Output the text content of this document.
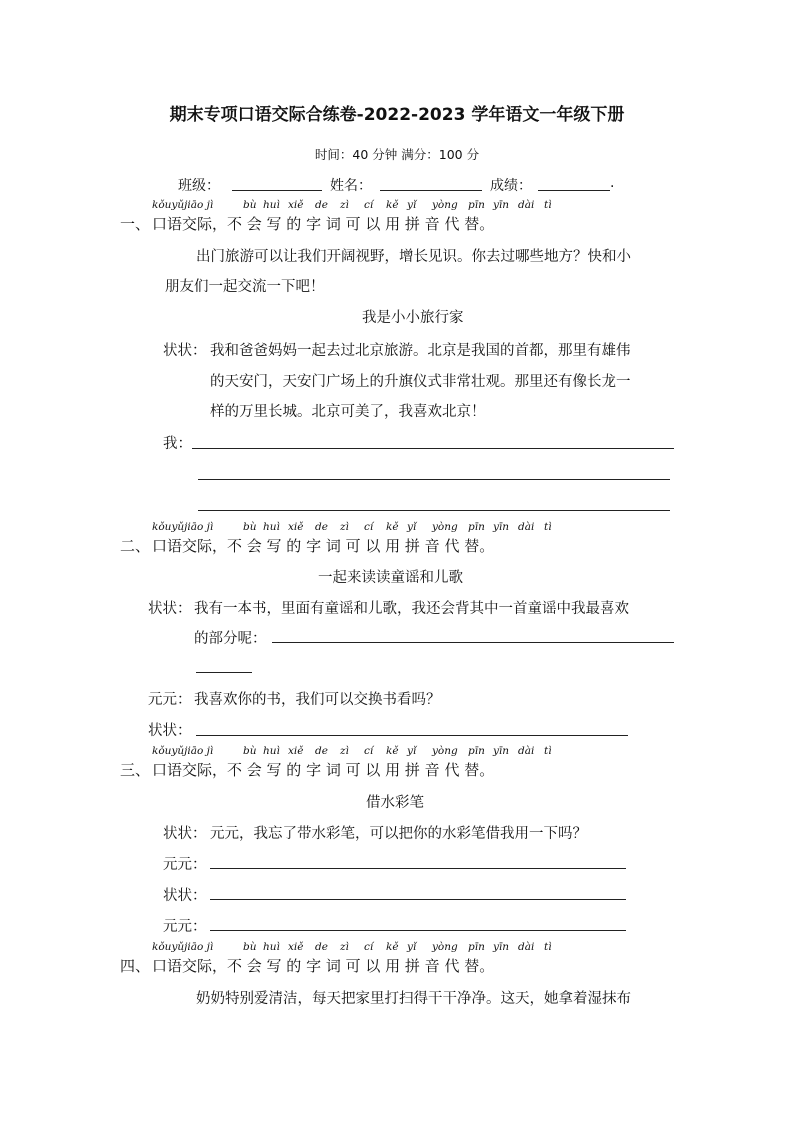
期末专项口语交际合练卷-2022-2023 学年语文一年级下册
时间：40 分钟 满分：100 分
班级：	姓名：	成绩：	.
kǒuyǔjiāo jì	bù huì xiě de zì cí kě yǐ yòng pīn yīn dài tì
口语交际，不 会 写 的 字 词 可 以 用 拼 音 代 替。
kǒuyǔjiāo jì	bù huì xiě de zì cí kě yǐ yòng pīn yīn dài tì
口语交际，不 会 写 的 字 词 可 以 用 拼 音 代 替。
kǒuyǔjiāo jì	bù huì xiě de zì cí kě yǐ yòng pīn yīn dài tì
口语交际，不 会 写 的 字 词 可 以 用 拼 音 代 替。
kǒuyǔjiāo jì	bù huì xiě de zì cí kě yǐ yòng pīn yīn dài tì
口语交际，不 会 写 的 字 词 可 以 用 拼 音 代 替。
一、
出门旅游可以让我们开阔视野，增长见识。你去过哪些地方？快和小
朋友们一起交流一下吧！
我是小小旅行家
状状： 我和爸爸妈妈一起去过北京旅游。北京是我国的首都，那里有雄伟
的天安门，天安门广场上的升旗仪式非常壮观。那里还有像长龙一
样的万里长城。北京可美了，我喜欢北京！
我：
二、
一起来读读童谣和儿歌
状状： 我有一本书，里面有童谣和儿歌，我还会背其中一首童谣中我最喜欢
的部分呢：
元元： 我喜欢你的书，我们可以交换书看吗？
状状：
三、
借水彩笔
状状： 元元，我忘了带水彩笔，可以把你的水彩笔借我用一下吗？
元元：
状状：
元元：
四、
奶奶特别爱清洁，每天把家里打扫得干干净净。这天，她拿着湿抹布
